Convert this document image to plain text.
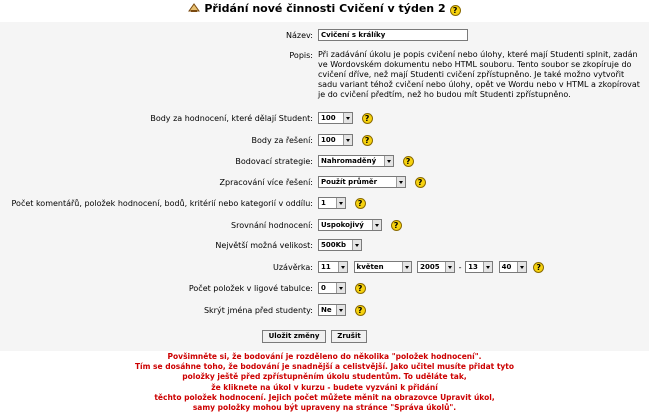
Přidání nové činnosti Cvičení v týden 2 ?
Název:	Cvičení s králíky
Popis: Při zadávání úkolu je popis cvičení nebo úlohy, které mají Studenti splnit, zadán ve Wordovském dokumentu nebo HTML souboru. Tento soubor se zkopíruje do cvičení dříve, než mají Studenti cvičení zpřístupněno. Je také možno vytvořit sadu variant téhož cvičení nebo úlohy, opět ve Wordu nebo v HTML a zkopírovat je do cvičení předtím, než ho budou mít Studenti zpřístupněno.
Body za hodnocení, které dělají Student:	100	?
Body za řešení:	100	?
Bodovací strategie:	Nahromaděný	?
Zpracování více řešení:	Použít průměr	?
Počet komentářů, položek hodnocení, bodů, kritérií nebo kategorií v oddílu:	1	?
Srovnání hodnocení:	Uspokojivý	?
Největší možná velikost:	500Kb
Uzávěrka:	11	květen	2005 - 13	40	?
Počet položek v ligové tabulce:	0	?
Skrýt jména před studenty:	Ne	?
Uložit změny	Zrušit
Povšimněte si, že bodování je rozděleno do několika "položek hodnocení".
Tím se dosáhne toho, že bodování je snadnější a celistvější. Jako učitel musíte přidat tyto
položky ještě před zpřístupněním úkolu studentům. To uděláte tak,
že kliknete na úkol v kurzu - budete vyzváni k přidání
těchto položek hodnocení. Jejich počet můžete měnit na obrazovce Upravit úkol,
samy položky mohou být upraveny na stránce "Správa úkolů".
